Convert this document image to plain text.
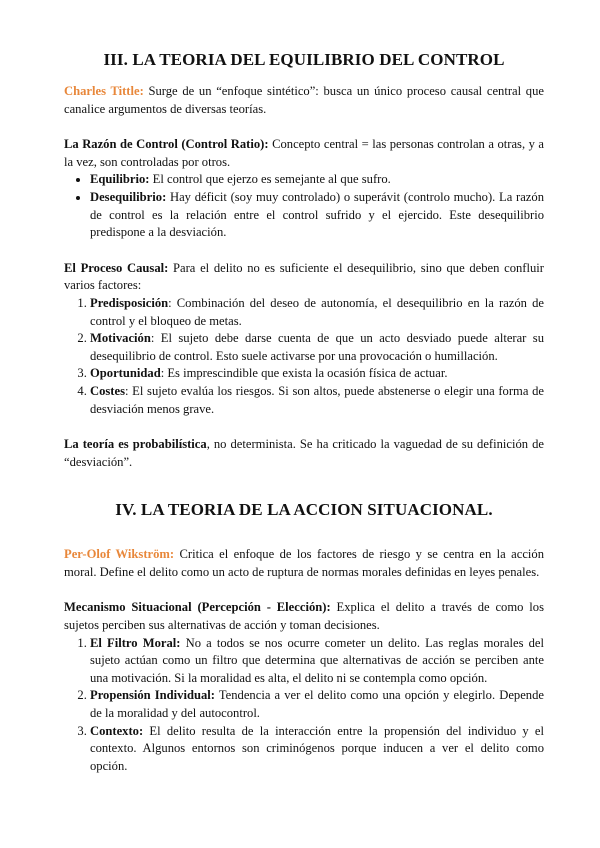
III. LA TEORIA DEL EQUILIBRIO DEL CONTROL

Charles Tittle: Surge de un “enfoque sintético”: busca un único proceso causal central que canalice argumentos de diversas teorías.

La Razón de Control (Control Ratio): Concepto central = las personas controlan a otras, y a la vez, son controladas por otros.

• Equilibrio: El control que ejerzo es semejante al que sufro.
• Desequilibrio: Hay déficit (soy muy controlado) o superávit (controlo mucho). La razón de control es la relación entre el control sufrido y el ejercido. Este desequilibrio predispone a la desviación.

El Proceso Causal: Para el delito no es suficiente el desequilibrio, sino que deben confluir varios factores:

1. Predisposición: Combinación del deseo de autonomía, el desequilibrio en la razón de control y el bloqueo de metas.
2. Motivación: El sujeto debe darse cuenta de que un acto desviado puede alterar su desequilibrio de control. Esto suele activarse por una provocación o humillación.
3. Oportunidad: Es imprescindible que exista la ocasión física de actuar.
4. Costes: El sujeto evalúa los riesgos. Si son altos, puede abstenerse o elegir una forma de desviación menos grave.

La teoría es probabilística, no determinista. Se ha criticado la vaguedad de su definición de “desviación”.

IV. LA TEORIA DE LA ACCION SITUACIONAL.

Per-Olof Wikström: Critica el enfoque de los factores de riesgo y se centra en la acción moral. Define el delito como un acto de ruptura de normas morales definidas en leyes penales.

Mecanismo Situacional (Percepción - Elección): Explica el delito a través de como los sujetos perciben sus alternativas de acción y toman decisiones.

1. El Filtro Moral: No a todos se nos ocurre cometer un delito. Las reglas morales del sujeto actúan como un filtro que determina que alternativas de acción se perciben ante una motivación. Si la moralidad es alta, el delito ni se contempla como opción.
2. Propensión Individual: Tendencia a ver el delito como una opción y elegirlo. Depende de la moralidad y del autocontrol.
3. Contexto: El delito resulta de la interacción entre la propensión del individuo y el contexto. Algunos entornos son criminógenos porque inducen a ver el delito como opción.
